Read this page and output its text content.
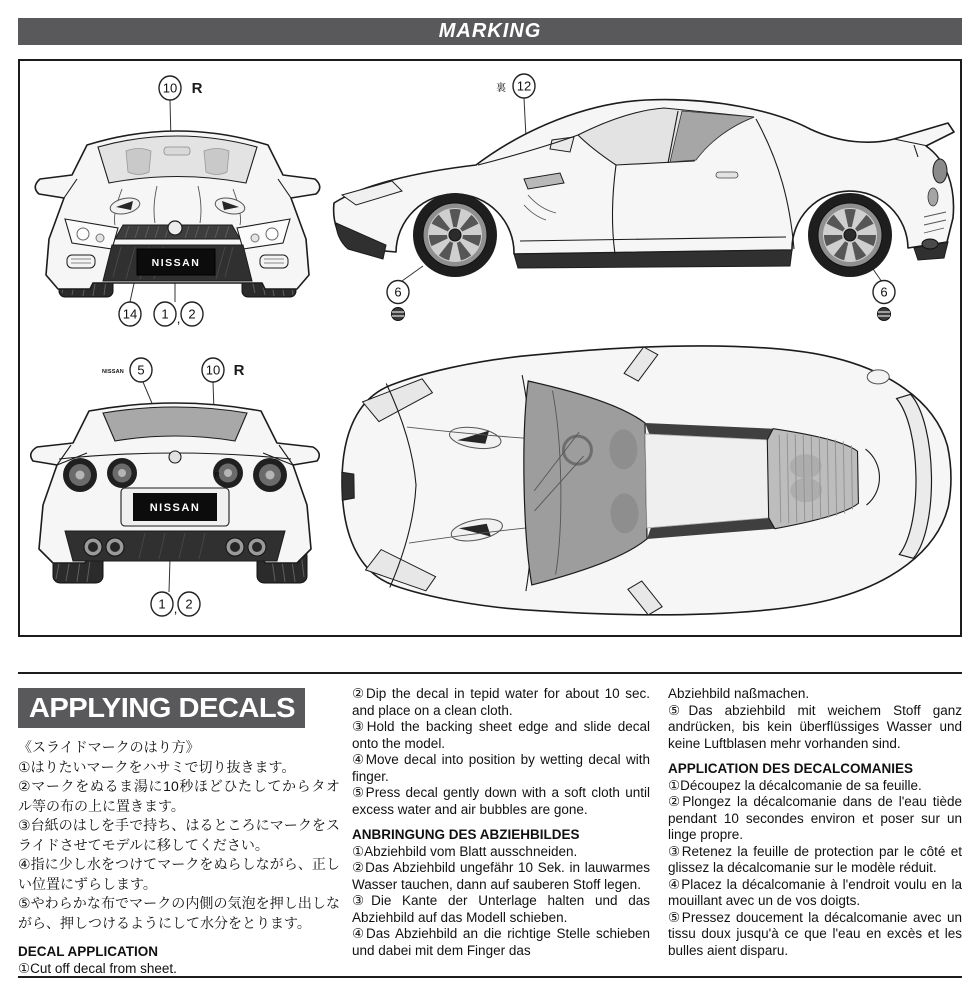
MARKING
NISSAN
10 R
14 1 , 2
裏 12
6	6
R
NISSAN
NISSAN 5	10 R
1 , 2
APPLYING DECALS

《スライドマークのはり方》

①はりたいマークをハサミで切り抜きます。

②マークをぬるま湯に10秒ほどひたしてからタオル等の布の上に置きます。

③台紙のはしを手で持ち、はるところにマークをスライドさせてモデルに移してください。

④指に少し水をつけてマークをぬらしながら、正しい位置にずらします。

⑤やわらかな布でマークの内側の気泡を押し出しながら、押しつけるようにして水分をとります。

DECAL APPLICATION

①Cut off decal from sheet.

②Dip the decal in tepid water for about 10 sec. and place on a clean cloth.

③Hold the backing sheet edge and slide decal onto the model.

④Move decal into position by wetting decal with finger.

⑤Press decal gently down with a soft cloth until excess water and air bubbles are gone.

ANBRINGUNG DES ABZIEHBILDES

①Abziehbild vom Blatt ausschneiden.

②Das Abziehbild ungefähr 10 Sek. in lauwarmes Wasser tauchen, dann auf sauberen Stoff legen.

③Die Kante der Unterlage halten und das Abziehbild auf das Modell schieben.

④Das Abziehbild an die richtige Stelle schieben und dabei mit dem Finger das

Abziehbild naßmachen.

⑤Das abziehbild mit weichem Stoff ganz andrücken, bis kein überflüssiges Wasser und keine Luftblasen mehr vorhanden sind.

APPLICATION DES DECALCOMANIES

①Découpez la décalcomanie de sa feuille.

②Plongez la décalcomanie dans de l'eau tiède pendant 10 secondes environ et poser sur un linge propre.

③Retenez la feuille de protection par le côté et glissez la décalcomanie sur le modèle réduit.

④Placez la décalcomanie à l'endroit voulu en la mouillant avec un de vos doigts.

⑤Pressez doucement la décalcomanie avec un tissu doux jusqu'à ce que l'eau en excès et les bulles aient disparu.
